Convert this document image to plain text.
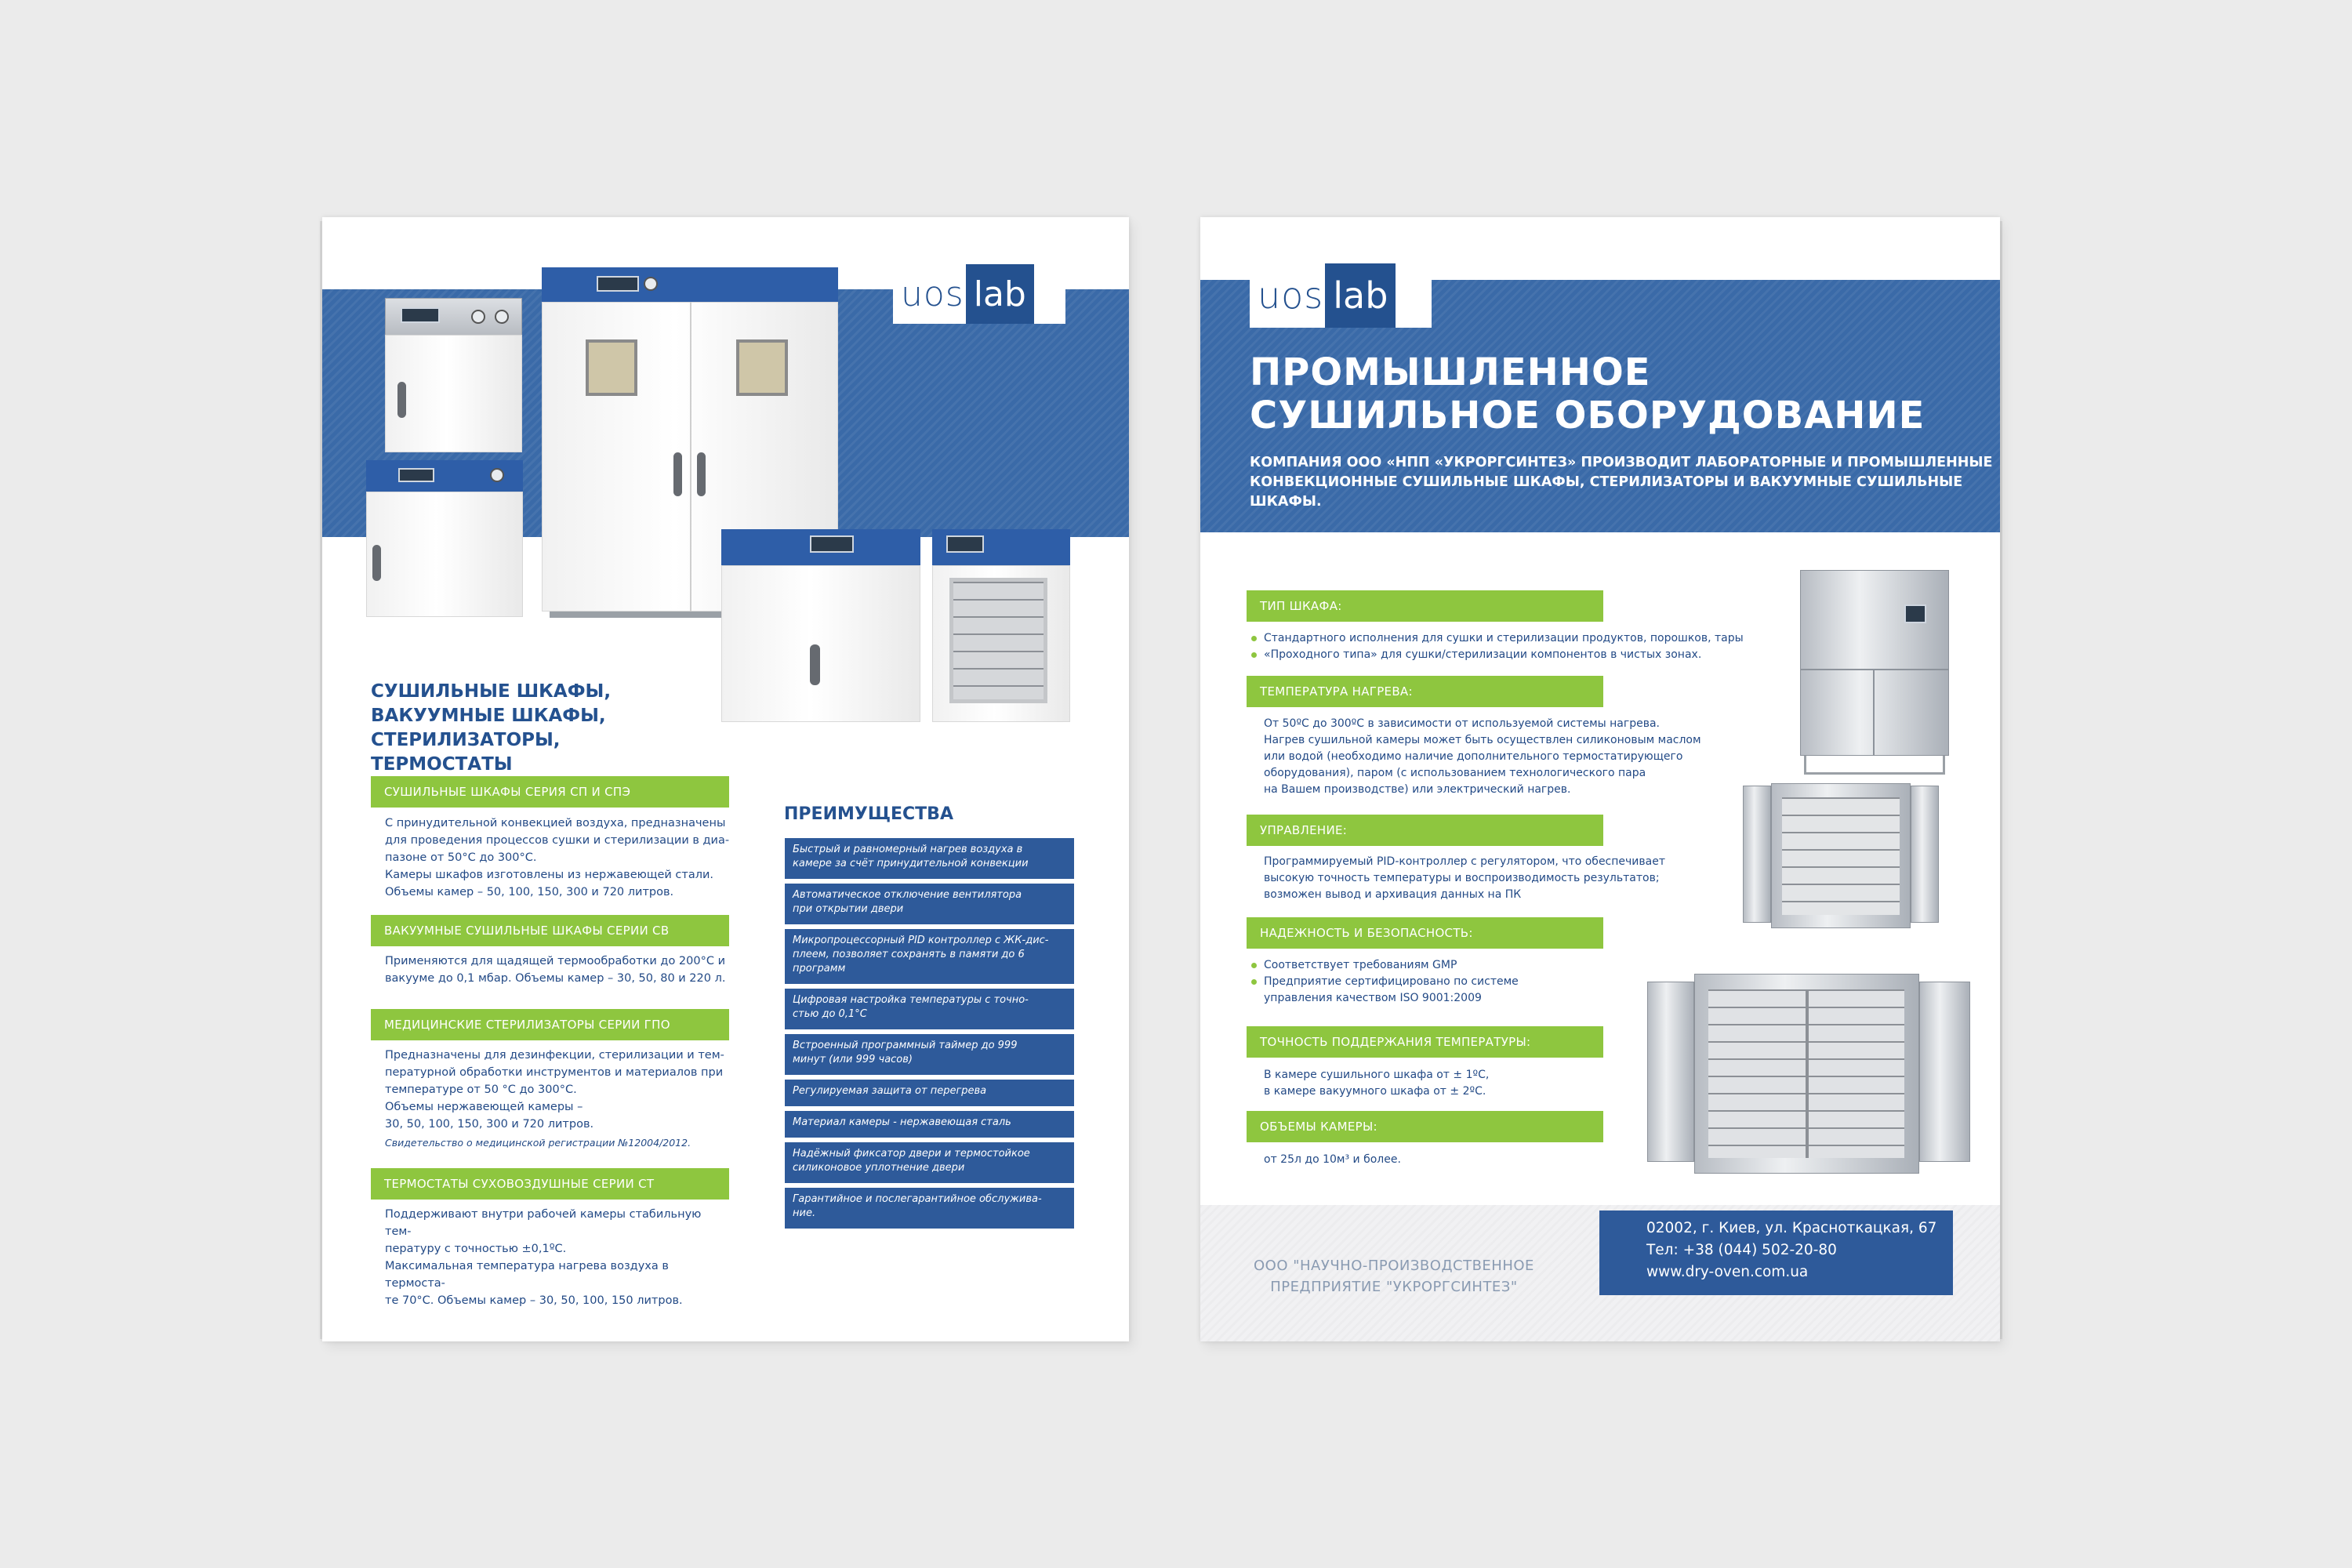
uos lab
СУШИЛЬНЫЕ ШКАФЫ,
ВАКУУМНЫЕ ШКАФЫ,
СТЕРИЛИЗАТОРЫ, ТЕРМОСТАТЫ
СУШИЛЬНЫЕ ШКАФЫ СЕРИЯ СП И СПЭ
С принудительной конвекцией воздуха, предназначены
для проведения процессов сушки и стерилизации в диа-
пазоне от 50°С до 300°С.
Камеры шкафов изготовлены из нержавеющей стали.
Объемы камер – 50, 100, 150, 300 и 720 литров.
ВАКУУМНЫЕ СУШИЛЬНЫЕ ШКАФЫ СЕРИИ СВ
Применяются для щадящей термообработки до 200°С и
вакууме до 0,1 мбар. Объемы камер – 30, 50, 80 и 220 л.
МЕДИЦИНСКИЕ СТЕРИЛИЗАТОРЫ СЕРИИ ГПО
Предназначены для дезинфекции, стерилизации и тем-
пературной обработки инструментов и материалов при
температуре от 50 °С до 300°С.
Объемы нержавеющей камеры –
30, 50, 100, 150, 300 и 720 литров.
Свидетельство о медицинской регистрации №12004/2012.
ТЕРМОСТАТЫ СУХОВОЗДУШНЫЕ СЕРИИ СТ
Поддерживают внутри рабочей камеры стабильную тем-
пературу с точностью ±0,1ºС.
Максимальная температура нагрева воздуха в термоста-
те 70°С. Объемы камер – 30, 50, 100, 150 литров.
ПРЕИМУЩЕСТВА
Быстрый и равномерный нагрев воздуха в
камере за счёт принудительной конвекции
Автоматическое отключение вентилятора
при открытии двери
Микропроцессорный PID контроллер с ЖК-дис-
плеем, позволяет сохранять в памяти до 6
программ
Цифровая настройка температуры с точно-
стью до 0,1°С
Встроенный программный таймер до 999
минут (или 999 часов)
Регулируемая защита от перегрева
Материал камеры - нержавеющая сталь
Надёжный фиксатор двери и термостойкое
силиконовое уплотнение двери
Гарантийное и послегарантийное обслужива-
ние.
uos lab
ПРОМЫШЛЕННОЕ
СУШИЛЬНОЕ ОБОРУДОВАНИЕ
КОМПАНИЯ ООО «НПП «УКРОРГСИНТЕЗ» ПРОИЗВОДИТ ЛАБОРАТОРНЫЕ И ПРОМЫШЛЕННЫЕ
КОНВЕКЦИОННЫЕ СУШИЛЬНЫЕ ШКАФЫ, СТЕРИЛИЗАТОРЫ И ВАКУУМНЫЕ СУШИЛЬНЫЕ ШКАФЫ.
ТИП ШКАФА:
Стандартного исполнения для сушки и стерилизации продуктов, порошков, тары
«Проходного типа» для сушки/стерилизации компонентов в чистых зонах.
ТЕМПЕРАТУРА НАГРЕВА:
От 50ºС до 300ºС в зависимости от используемой системы нагрева.
Нагрев сушильной камеры может быть осуществлен силиконовым маслом
или водой (необходимо наличие дополнительного термостатирующего
оборудования), паром (с использованием технологического пара
на Вашем производстве) или электрический нагрев.
УПРАВЛЕНИЕ:
Программируемый PID-контроллер с регулятором, что обеспечивает
высокую точность температуры и воспроизводимость результатов;
возможен вывод и архивация данных на ПК
НАДЕЖНОСТЬ И БЕЗОПАСНОСТЬ:
Соответствует требованиям GMP
Предприятие сертифицировано по системе
управления качеством ISO 9001:2009
ТОЧНОСТЬ ПОДДЕРЖАНИЯ ТЕМПЕРАТУРЫ:
В камере сушильного шкафа от ± 1ºС,
в камере вакуумного шкафа от ± 2ºС.
ОБЪЕМЫ КАМЕРЫ:
от 25л до 10м³ и более.
ООО "НАУЧНО-ПРОИЗВОДСТВЕННОЕ
ПРЕДПРИЯТИЕ "УКРОРГСИНТЕЗ"
02002, г. Киев, ул. Красноткацкая, 67
Тел: +38 (044) 502-20-80
www.dry-oven.com.ua
